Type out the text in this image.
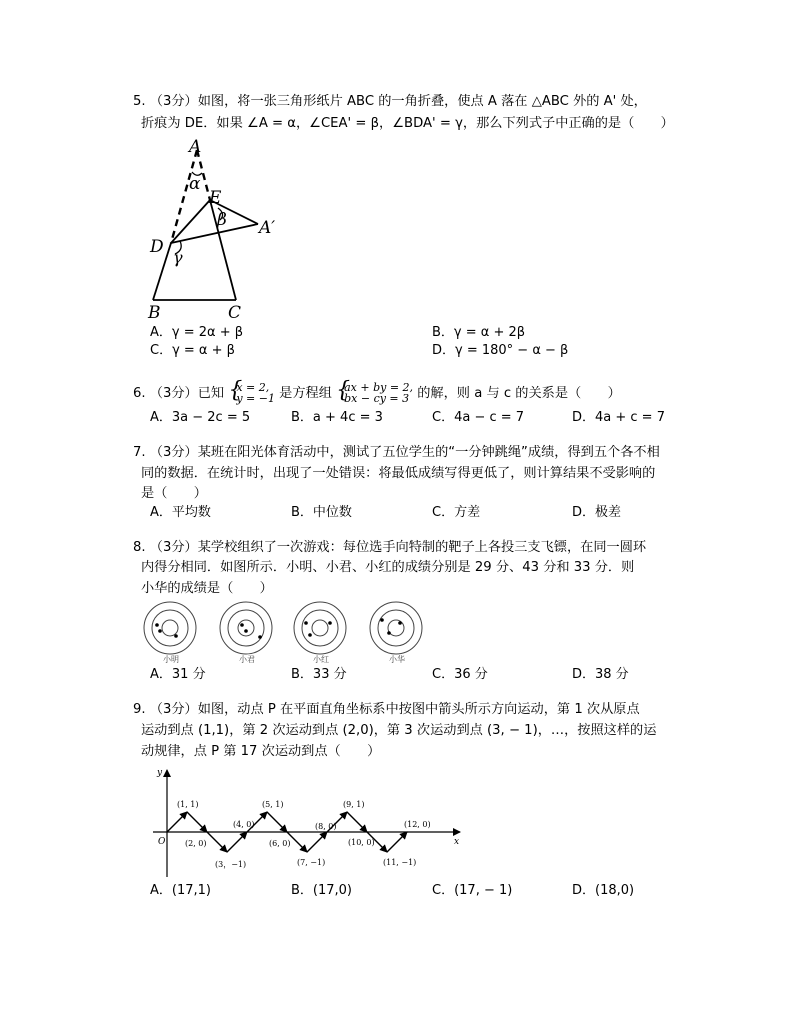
5. （3分）如图，将一张三角形纸片 ABC 的一角折叠，使点 A 落在 △ABC 外的 A' 处，
折痕为 DE．如果 ∠A = α，∠CEA' = β，∠BDA' = γ，那么下列式子中正确的是（　　）
A
α
E
β A′
D
γ
B	C
A．γ = 2α + β	B．γ = α + 2β
C．γ = α + β	D．γ = 180° − α − β
6. （3分）已知 {
x = 2,
y = −1 是方程组 {
ax + by = 2,
bx − cy = 3 的解，则 a 与 c 的关系是（　　）
A．3a − 2c = 5	B．a + 4c = 3	C．4a − c = 7	D．4a + c = 7
7. （3分）某班在阳光体育活动中，测试了五位学生的“一分钟跳绳”成绩，得到五个各不相
同的数据．在统计时，出现了一处错误：将最低成绩写得更低了，则计算结果不受影响的
是（　　）
A．平均数	B．中位数	C．方差	D．极差
8. （3分）某学校组织了一次游戏：每位选手向特制的靶子上各投三支飞镖，在同一圆环
内得分相同．如图所示．小明、小君、小红的成绩分别是 29 分、43 分和 33 分．则
小华的成绩是（　　）
小明	小君	小红	小华
A．31 分	B．33 分	C．36 分	D．38 分
9. （3分）如图，动点 P 在平面直角坐标系中按图中箭头所示方向运动，第 1 次从原点
运动到点 (1,1)，第 2 次运动到点 (2,0)，第 3 次运动到点 (3, − 1)，…，按照这样的运
动规律，点 P 第 17 次运动到点（　　）
y
x
O
(1, 1)
(2, 0)
(3，−1)
(4, 0)
(5, 1)
(6, 0)
(7, −1)
(8, 0)
(9, 1)
(10, 0)
(11, −1)
(12, 0)
A．(17,1)	B．(17,0)	C．(17, − 1)	D．(18,0)
